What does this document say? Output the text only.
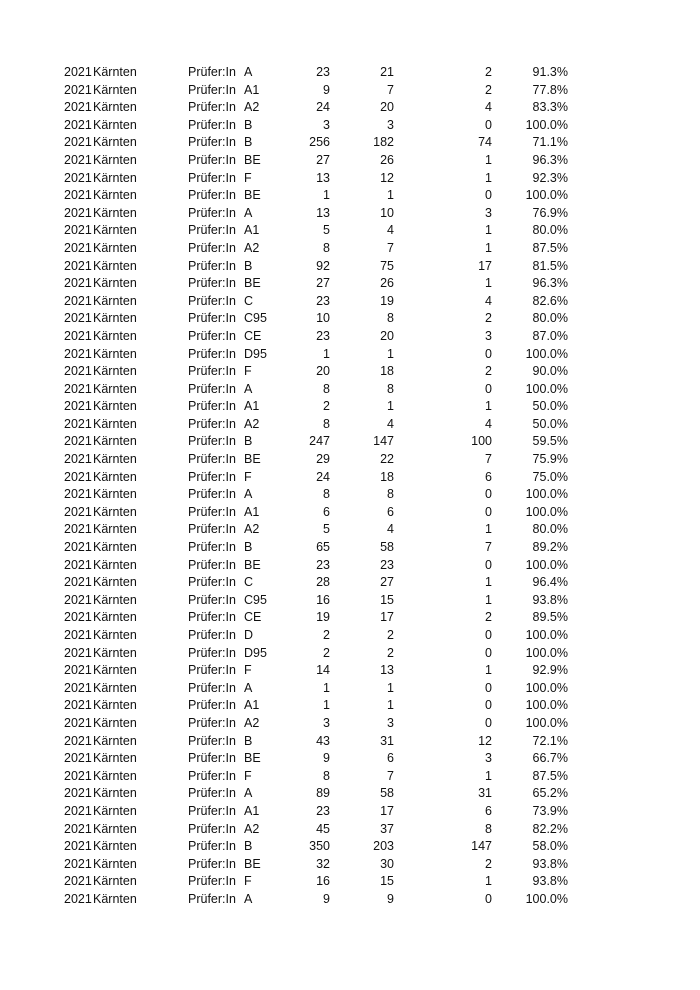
2021 Kärnten	Prüfer:In A	23	21	2	91.3%
2021 Kärnten	Prüfer:In A1	9	7	2	77.8%
2021 Kärnten	Prüfer:In A2	24	20	4	83.3%
2021 Kärnten	Prüfer:In B	3	3	0	100.0%
2021 Kärnten	Prüfer:In B	256	182	74	71.1%
2021 Kärnten	Prüfer:In BE	27	26	1	96.3%
2021 Kärnten	Prüfer:In F	13	12	1	92.3%
2021 Kärnten	Prüfer:In BE	1	1	0	100.0%
2021 Kärnten	Prüfer:In A	13	10	3	76.9%
2021 Kärnten	Prüfer:In A1	5	4	1	80.0%
2021 Kärnten	Prüfer:In A2	8	7	1	87.5%
2021 Kärnten	Prüfer:In B	92	75	17	81.5%
2021 Kärnten	Prüfer:In BE	27	26	1	96.3%
2021 Kärnten	Prüfer:In C	23	19	4	82.6%
2021 Kärnten	Prüfer:In C95	10	8	2	80.0%
2021 Kärnten	Prüfer:In CE	23	20	3	87.0%
2021 Kärnten	Prüfer:In D95	1	1	0	100.0%
2021 Kärnten	Prüfer:In F	20	18	2	90.0%
2021 Kärnten	Prüfer:In A	8	8	0	100.0%
2021 Kärnten	Prüfer:In A1	2	1	1	50.0%
2021 Kärnten	Prüfer:In A2	8	4	4	50.0%
2021 Kärnten	Prüfer:In B	247	147	100	59.5%
2021 Kärnten	Prüfer:In BE	29	22	7	75.9%
2021 Kärnten	Prüfer:In F	24	18	6	75.0%
2021 Kärnten	Prüfer:In A	8	8	0	100.0%
2021 Kärnten	Prüfer:In A1	6	6	0	100.0%
2021 Kärnten	Prüfer:In A2	5	4	1	80.0%
2021 Kärnten	Prüfer:In B	65	58	7	89.2%
2021 Kärnten	Prüfer:In BE	23	23	0	100.0%
2021 Kärnten	Prüfer:In C	28	27	1	96.4%
2021 Kärnten	Prüfer:In C95	16	15	1	93.8%
2021 Kärnten	Prüfer:In CE	19	17	2	89.5%
2021 Kärnten	Prüfer:In D	2	2	0	100.0%
2021 Kärnten	Prüfer:In D95	2	2	0	100.0%
2021 Kärnten	Prüfer:In F	14	13	1	92.9%
2021 Kärnten	Prüfer:In A	1	1	0	100.0%
2021 Kärnten	Prüfer:In A1	1	1	0	100.0%
2021 Kärnten	Prüfer:In A2	3	3	0	100.0%
2021 Kärnten	Prüfer:In B	43	31	12	72.1%
2021 Kärnten	Prüfer:In BE	9	6	3	66.7%
2021 Kärnten	Prüfer:In F	8	7	1	87.5%
2021 Kärnten	Prüfer:In A	89	58	31	65.2%
2021 Kärnten	Prüfer:In A1	23	17	6	73.9%
2021 Kärnten	Prüfer:In A2	45	37	8	82.2%
2021 Kärnten	Prüfer:In B	350	203	147	58.0%
2021 Kärnten	Prüfer:In BE	32	30	2	93.8%
2021 Kärnten	Prüfer:In F	16	15	1	93.8%
2021 Kärnten	Prüfer:In A	9	9	0	100.0%
